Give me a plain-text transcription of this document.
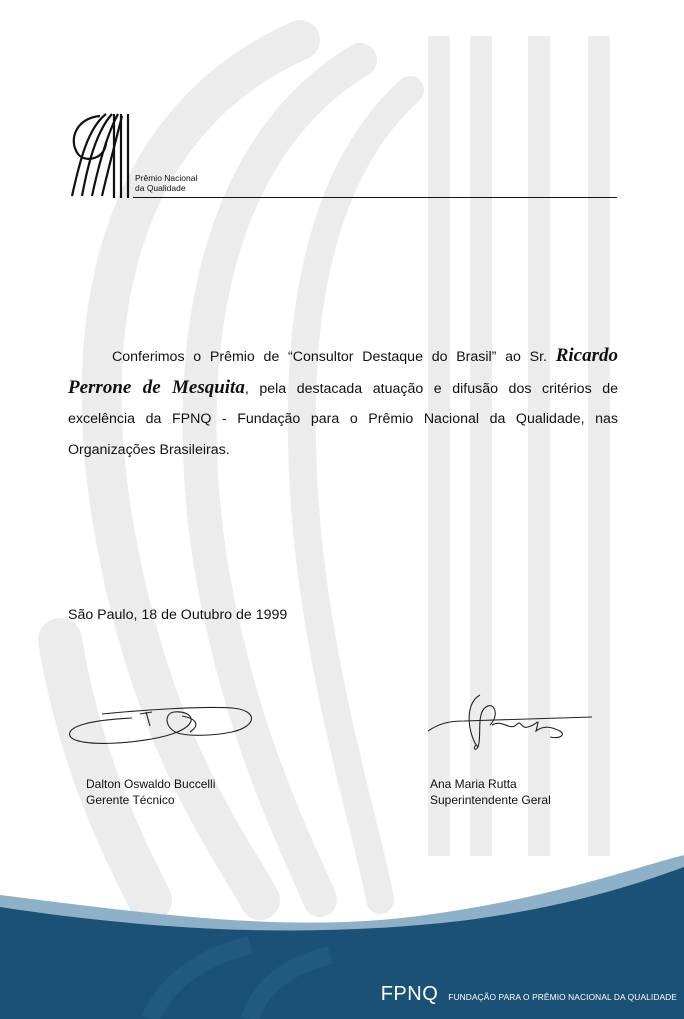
Prêmio Nacional
da Qualidade
Conferimos o Prêmio de “Consultor Destaque do Brasil” ao Sr. Ricardo Perrone de Mesquita, pela destacada atuação e difusão dos critérios de excelência da FPNQ - Fundação para o Prêmio Nacional da Qualidade, nas Organizações Brasileiras.
São Paulo, 18 de Outubro de 1999
Dalton Oswaldo Buccelli
Gerente Técnico
Ana Maria Rutta
Superintendente Geral
FPNQ FUNDAÇÃO PARA O PRÊMIO NACIONAL DA QUALIDADE
